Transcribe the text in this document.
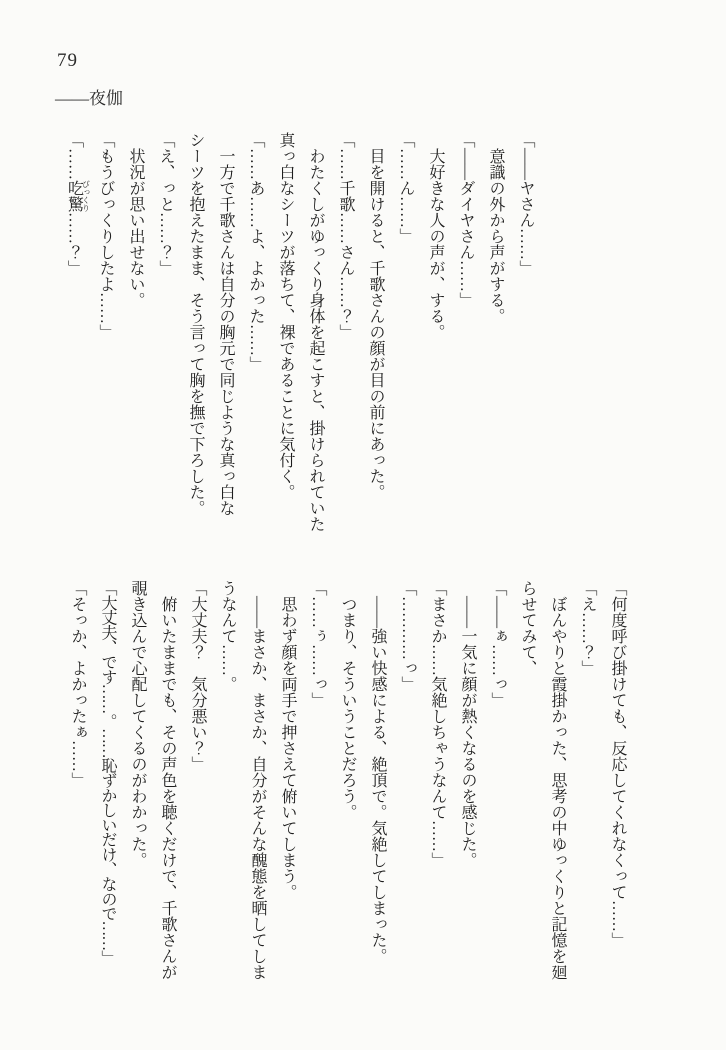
79
――夜伽

「――ヤさん……」

意識の外から声がする。

「――ダイヤさん……」

大好きな人の声が、する。

「……ん……」

目を開けると、千歌さんの顔が目の前にあった。

「……千歌……さん……？」

わたくしがゆっくり身体を起こすと、掛けられていた真っ白なシーツが落ちて、裸であることに気付く。

「……あ……よ、よかった……」

一方で千歌さんは自分の胸元で同じような真っ白なシーツを抱えたまま、そう言って胸を撫で下ろした。

「え、っと……？」

状況が思い出せない。

「もうびっくりしたよ……」

「……吃驚 びっくり……？」

「何度呼び掛けても、反応してくれなくって……」

「え……？」

ぼんやりと霞掛かった、思考の中ゆっくりと記憶を廻らせてみて、

「――ぁ……っ」

――一気に顔が熱くなるのを感じた。

「まさか……気絶しちゃうなんて……」

「…………っ」

――強い快感による、絶頂で。気絶してしまった。

つまり、そういうことだろう。

「……ぅ……っ」

思わず顔を両手で押さえて俯いてしまう。

――まさか、まさか、自分がそんな醜態を晒してしまうなんて……。

「大丈夫？　気分悪い？」

俯いたままでも、その声色を聴くだけで、千歌さんが覗き込んで心配してくるのがわかった。

「大丈夫、です……。……恥ずかしいだけ、なので……」

「そっか、よかったぁ……」
